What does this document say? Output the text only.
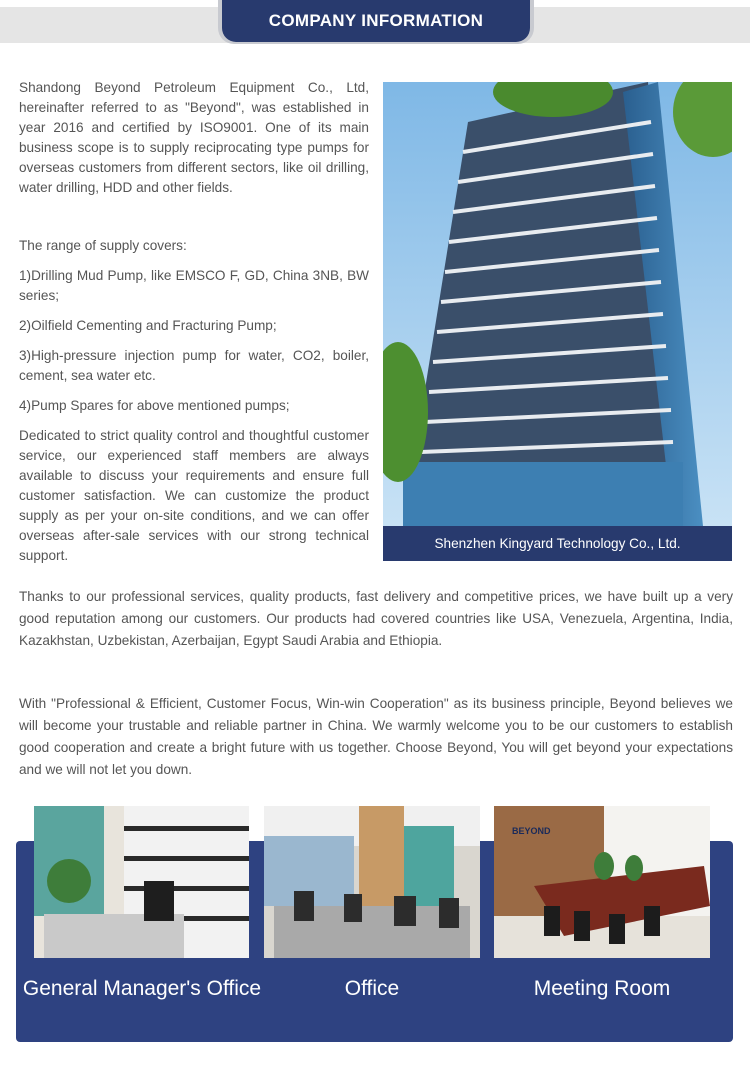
COMPANY INFORMATION

Shandong Beyond Petroleum Equipment Co., Ltd, hereinafter referred to as "Beyond", was established in year 2016 and certified by ISO9001. One of its main business scope is to supply reciprocating type pumps for overseas customers from different sectors, like oil drilling, water drilling, HDD and other fields.

The range of supply covers:

1)Drilling Mud Pump, like EMSCO F, GD, China 3NB, BW series;

2)Oilfield Cementing and Fracturing Pump;

3)High-pressure injection pump for water, CO2, boiler, cement, sea water etc.

4)Pump Spares for above mentioned pumps;

Dedicated to strict quality control and thoughtful customer service, our experienced staff members are always available to discuss your requirements and ensure full customer satisfaction. We can customize the product supply as per your on-site conditions, and we can offer overseas after-sale services with our strong technical support.

Shenzhen Kingyard Technology Co., Ltd.
Thanks to our professional services, quality products, fast delivery and competitive prices, we have built up a very good reputation among our customers. Our products had covered countries like USA, Venezuela, Argentina, India, Kazakhstan, Uzbekistan, Azerbaijan, Egypt Saudi Arabia and Ethiopia.
With "Professional & Efficient, Customer Focus, Win-win Cooperation" as its business principle, Beyond believes we will become your trustable and reliable partner in China. We warmly welcome you to be our customers to establish good cooperation and create a bright future with us together. Choose Beyond, You will get beyond your expectations and we will not let you down.
BEYOND
General Manager's Office	Office	Meeting Room
